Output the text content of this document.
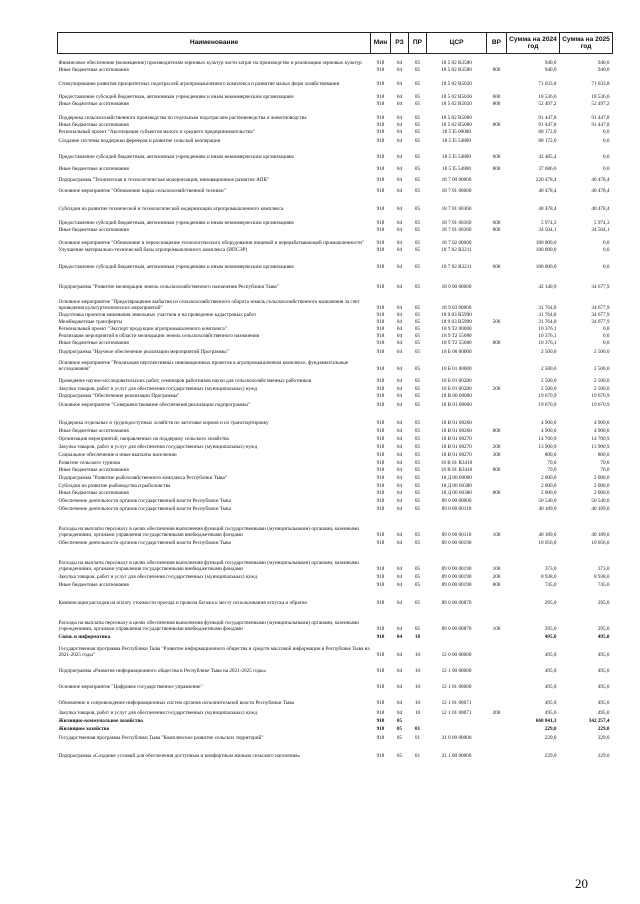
Наименование	Мин	РЗ	ПР	ЦСР	ВР	Сумма на 2024 год	Сумма на 2025 год
Финансовое обеспечение (возмещение) производителям зерновых культур части затрат на производство и реализацию зерновых культур	918	04	05	18 5 02 R3580		940,0	940,0
Иные бюджетные ассигнования	918	04	05	18 5 02 R3580	800	940,0	940,0
Стимулирование развития приоритетных подотраслей агропромышленного комплекса и развитие малых форм хозяйствования	918	04	05	18 5 02 R5020		71 033,8	71 033,8
Предоставление субсидий бюджетным, автономным учреждениям и иным некоммерческим организациям	918	04	05	18 5 02 R5020	600	18 536,6	18 536,6
Иные бюджетные ассигнования	918	04	05	18 5 02 R5020	800	52 497,2	52 497,2
Поддержка сельскохозяйственного производства по отдельным подотраслям растениеводства и животноводства	918	04	05	18 5 02 R5080		91 447,8	91 447,8
Иные бюджетные ассигнования	918	04	05	18 5 02 R5080	800	91 447,8	91 447,8
Региональный проект "Акселерация субъектов малого и среднего предпринимательства"	918	04	05	18 5 I5 00000		80 172,0	0,0
Создание системы поддержки фермеров и развитие сельской кооперации	918	04	05	18 5 I5 54800		80 172,0	0,0
Предоставление субсидий бюджетным, автономным учреждениям и иным некоммерческим организациям	918	04	05	18 5 I5 54800	600	42 485,4	0,0
Иные бюджетные ассигнования	918	04	05	18 5 I5 54800	800	37 686,6	0,0
Подпрограмма "Техническая и технологическая модернизация, инновационное развитие АПК"	918	04	05	18 7 00 00000		220 478,4	40 478,4
Основное мероприятие "Обновление парка сельскохозяйственной техники"	918	04	05	18 7 01 00000		40 478,4	40 478,4
Субсидии на развитие технической и технологической модернизации агропромышленного комплекса	918	04	05	18 7 01 60360		40 478,4	40 478,4
Предоставление субсидий бюджетным, автономным учреждениям и иным некоммерческим организациям	918	04	05	18 7 01 60360	600	5 974,3	5 974,3
Иные бюджетные ассигнования	918	04	05	18 7 01 60360	800	34 504,1	34 504,1
Основное мероприятие "Обновление и переоснащение технологического оборудования пищевой и перерабатывающей промышленности"	918	04	05	18 7 02 00000		180 000,0	0,0
Улучшение материально-технической базы агропромышленного комплекса (ИПСЭР)	918	04	05	18 7 02 R3211		180 000,0	0,0
Предоставление субсидий бюджетным, автономным учреждениям и иным некоммерческим организациям	918	04	05	18 7 02 R3211	600	180 000,0	0,0
Подпрограмма "Развитие мелиорации земель сельскохозяйственного назначения Республики Тыва"	918	04	05	18 9 00 00000		42 140,9	34 677,9
Основное мероприятие "Предотвращение выбытия из сельскохозяйственного оборота земель сельскохозяйственного назначения за счет проведения культуртехнических мероприятий"	918	04	05	18 9 03 00000		31 764,8	34 677,9
Подготовка проектов межевания земельных участков и на проведение кадастровых работ	918	04	05	18 9 03 R5990		31 764,8	34 677,9
Межбюджетные трансферты	918	04	05	18 9 03 R5990	500	31 764,8	34 677,9
Региональный проект "Экспорт продукции агропромышленного комплекса"	918	04	05	18 9 T2 00000		10 376,1	0,0
Реализация мероприятий в области мелиорации земель сельскохозяйственного назначения	918	04	05	18 9 T2 55680		10 376,1	0,0
Иные бюджетные ассигнования	918	04	05	18 9 T2 55680	800	10 376,1	0,0
Подпрограмма "Научное обеспечение реализации мероприятий Программы"	918	04	05	18 Б 00 00000		2 500,0	2 500,0
Основное мероприятие "Реализация перспективных инновационных проектов в агропромышленном комплексе, фундаментальные исследования"	918	04	05	18 Б 01 00000		2 500,0	2 500,0
Проведение научно-исследовательских работ, семинаров работников науки для сельскохозяйственных работников	918	04	05	18 Б 01 00280		2 500,0	2 500,0
Закупка товаров, работ и услуг для обеспечения государственных (муниципальных) нужд	918	04	05	18 Б 01 00280	200	2 500,0	2 500,0
Подпрограмма "Обеспечение реализации Программы"	918	04	05	18 В 00 00000		19 670,9	19 670,9
Основное мероприятие "Совершенствование обеспечения реализации подпрограммы"	918	04	05	18 В 01 00000		19 670,9	19 670,9
Поддержка отдельных и труднодоступных хозяйств по заготовке кормов и их транспортировку	918	04	05	18 В 01 00260		4 900,0	4 900,0
Иные бюджетные ассигнования	918	04	05	18 В 01 00260	800	4 900,0	4 900,0
Организация мероприятий, направленных на поддержку сельского хозяйства	918	04	05	18 В 01 00270		14 700,9	14 700,9
Закупка товаров, работ и услуг для обеспечения государственных (муниципальных) нужд	918	04	05	18 В 01 00270	200	13 900,9	13 900,9
Социальное обеспечение и иные выплаты населению	918	04	05	18 В 01 00270	300	800,0	800,0
Развитие сельского туризма	918	04	05	18 В 01 R3410		70,0	70,0
Иные бюджетные ассигнования	918	04	05	18 В 01 R3410	800	70,0	70,0
Подпрограмма "Развитие рыбохозяйственного комплекса Республики Тыва"	918	04	05	18 Д 00 00000		2 000,0	2 000,0
Субсидии на развитие рыбоводства и рыболовства	918	04	05	18 Д 00 60380		2 000,0	2 000,0
Иные бюджетные ассигнования	918	04	05	18 Д 00 60380	800	2 000,0	2 000,0
Обеспечение деятельности органов государственной власти Республики Тыва	918	04	05	89 0 00 00000		50 540,0	50 540,0
Обеспечение деятельности органов государственной власти Республики Тыва	918	04	05	89 0 00 00110		40 189,0	40 189,0
Расходы на выплаты персоналу в целях обеспечения выполнения функций государственными (муниципальными) органами, казенными учреждениями, органами управления государственными внебюджетными фондами	918	04	05	89 0 00 00110	100	40 189,0	40 189,0
Обеспечение деятельности органов государственной власти Республики Тыва	918	04	05	89 0 00 00190		10 056,0	10 056,0
Расходы на выплаты персоналу в целях обеспечения выполнения функций государственными (муниципальными) органами, казенными учреждениями, органами управления государственными внебюджетными фондами	918	04	05	89 0 00 00190	100	373,0	373,0
Закупка товаров, работ и услуг для обеспечения государственных (муниципальных) нужд	918	04	05	89 0 00 00190	200	8 938,0	8 938,0
Иные бюджетные ассигнования	918	04	05	89 0 00 00190	800	745,0	745,0
Компенсация расходов на оплату стоимости проезда и провоза багажа к месту использования отпуска и обратно	918	04	05	89 0 00 00870		295,0	295,0
Расходы на выплаты персоналу в целях обеспечения выполнения функций государственными (муниципальными) органами, казенными учреждениями, органами управления государственными внебюджетными фондами	918	04	05	89 0 00 00870	100	295,0	295,0
Связь и информатика	918	04	10			495,0	495,0
Государственная программа Республики Тыва "Развитие информационного общества и средств массовой информации в Республике Тыва на 2021-2025 годы"	918	04	10	12 0 00 00000		495,0	495,0
Подпрограмма «Развитие информационного общества в Республике Тыва на 2021-2025 годы»	918	04	10	12 1 00 00000		495,0	495,0
Основное мероприятие "Цифровое государственное управление"	918	04	10	12 1 01 00000		495,0	495,0
Обновление и сопровождение информационных систем органов исполнительной власти Республики Тыва	918	04	10	12 1 01 00071		495,0	495,0
Закупка товаров, работ и услуг для обеспечения государственных (муниципальных) нужд	918	04	10	12 1 01 00071	200	495,0	495,0
Жилищно-коммунальное хозяйство	918	05				668 841,3	342 257,4
Жилищное хозяйство	918	05	01			229,0	229,0
Государственная программа Республики Тыва "Комплексное развитие сельских территорий"	918	05	01	31 0 00 00000		229,0	229,0
Подпрограмма «Создание условий для обеспечения доступным и комфортным жильем сельского населения»	918	05	01	31 1 00 00000		229,0	229,0
20
